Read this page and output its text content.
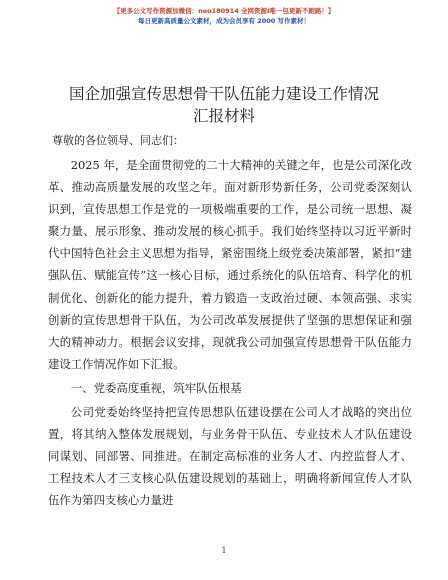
【更多公文写作资源加微信：neo180914 全网资源I唯一包更新不跑路！】
每日更新高质量公文素材，成为会员享有 2000 写作素材！
国企加强宣传思想骨干队伍能力建设工作情况
汇报材料
尊敬的各位领导、同志们：

2025 年，是全面贯彻党的二十大精神的关键之年，也是公司深化改革、推动高质量发展的攻坚之年。面对新形势新任务，公司党委深刻认识到，宣传思想工作是党的一项极端重要的工作，是公司统一思想、凝聚力量、展示形象、推动发展的核心抓手。我们始终坚持以习近平新时代中国特色社会主义思想为指导，紧密围绕上级党委决策部署，紧扣“建强队伍、赋能宣传”这一核心目标，通过系统化的队伍培育、科学化的机制优化、创新化的能力提升，着力锻造一支政治过硬、本领高强、求实创新的宣传思想骨干队伍，为公司改革发展提供了坚强的思想保证和强大的精神动力。根据会议安排，现就我公司加强宣传思想骨干队伍能力建设工作情况作如下汇报。

一、党委高度重视，筑牢队伍根基

公司党委始终坚持把宣传思想队伍建设摆在公司人才战略的突出位置，将其纳入整体发展规划，与业务骨干队伍、专业技术人才队伍建设同谋划、同部署、同推进。在制定高标准的业务人才、内控监督人才、工程技术人才三支核心队伍建设规划的基础上，明确将新闻宣传人才队伍作为第四支核心力量进

1
